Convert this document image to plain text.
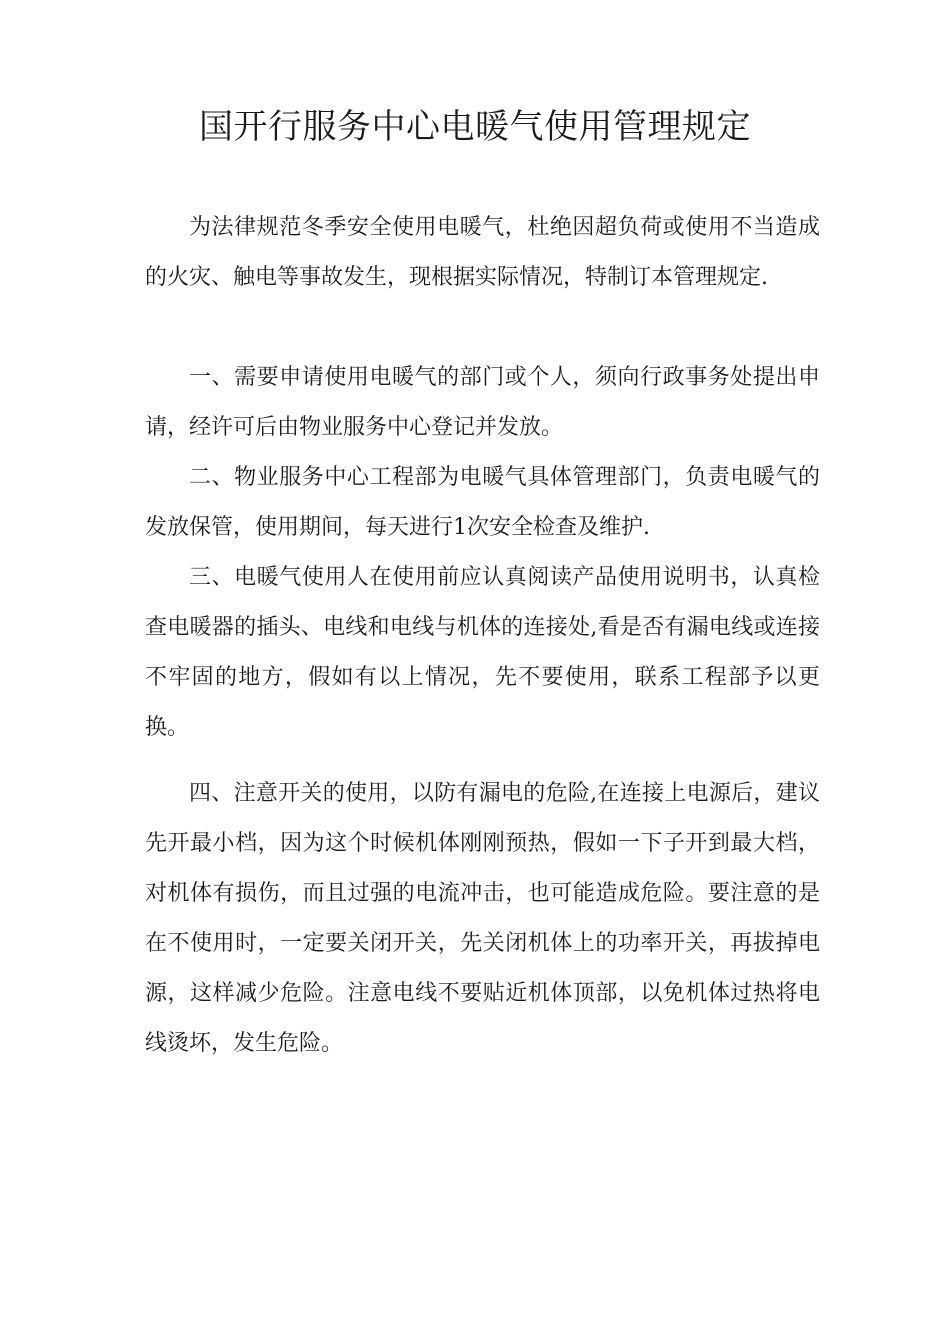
国开行服务中心电暖气使用管理规定

为法律规范冬季安全使用电暖气，杜绝因超负荷或使用不当造成的火灾、触电等事故发生，现根据实际情况，特制订本管理规定.

一、需要申请使用电暖气的部门或个人，须向行政事务处提出申请，经许可后由物业服务中心登记并发放。

二、物业服务中心工程部为电暖气具体管理部门，负责电暖气的发放保管，使用期间，每天进行1次安全检查及维护.

三、电暖气使用人在使用前应认真阅读产品使用说明书，认真检查电暖器的插头、电线和电线与机体的连接处,看是否有漏电线或连接不牢固的地方，假如有以上情况，先不要使用，联系工程部予以更换。

四、注意开关的使用，以防有漏电的危险,在连接上电源后，建议先开最小档，因为这个时候机体刚刚预热，假如一下子开到最大档，对机体有损伤，而且过强的电流冲击，也可能造成危险。要注意的是在不使用时，一定要关闭开关，先关闭机体上的功率开关，再拔掉电源，这样减少危险。注意电线不要贴近机体顶部，以免机体过热将电线烫坏，发生危险。
